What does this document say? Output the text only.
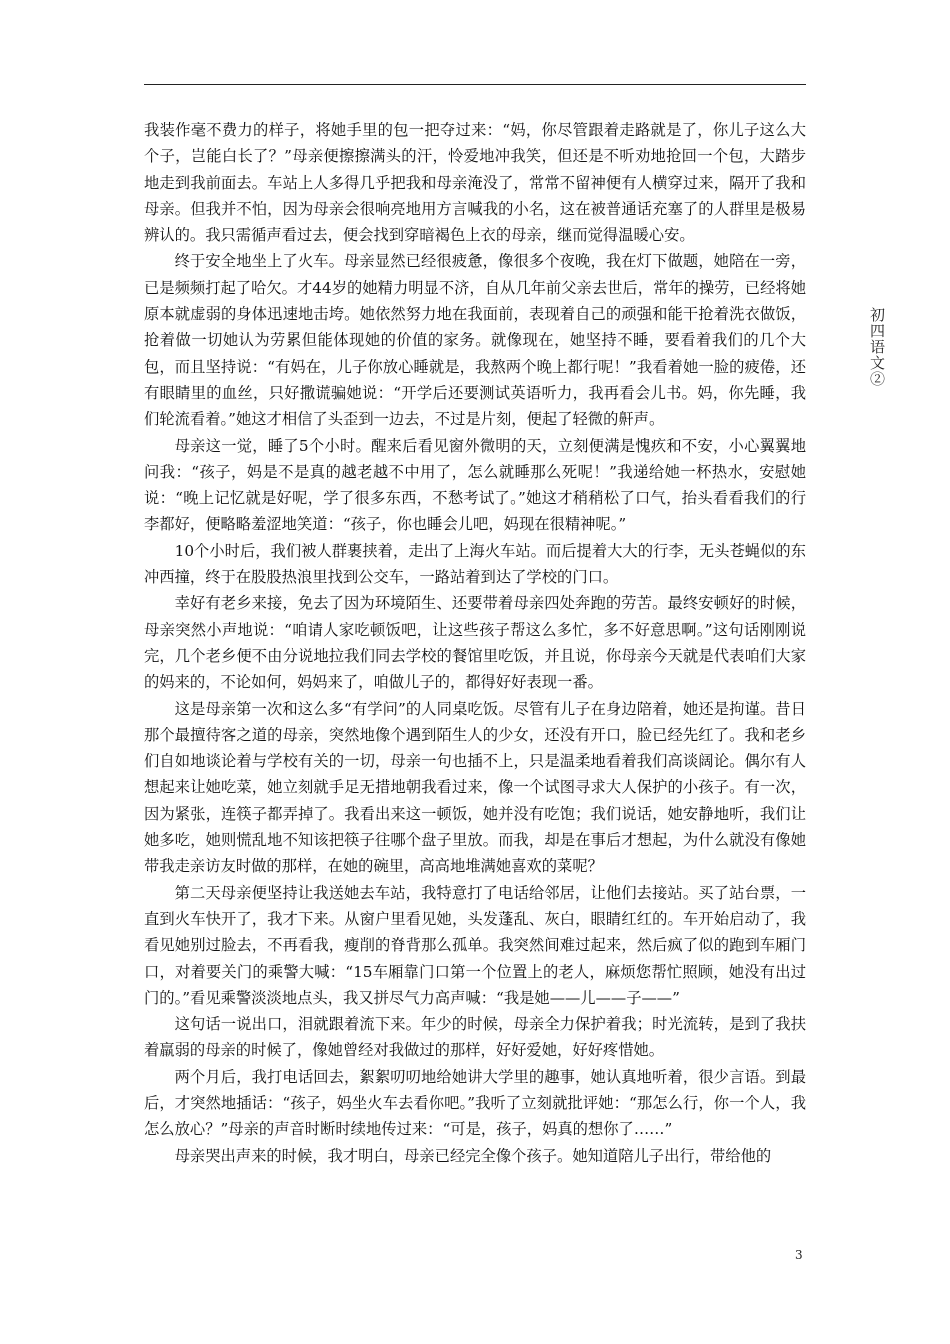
我装作毫不费力的样子，将她手里的包一把夺过来：“妈，你尽管跟着走路就是了，你儿子这么大个子，岂能白长了？”母亲便擦擦满头的汗，怜爱地冲我笑，但还是不听劝地抢回一个包，大踏步地走到我前面去。车站上人多得几乎把我和母亲淹没了，常常不留神便有人横穿过来，隔开了我和母亲。但我并不怕，因为母亲会很响亮地用方言喊我的小名，这在被普通话充塞了的人群里是极易辨认的。我只需循声看过去，便会找到穿暗褐色上衣的母亲，继而觉得温暖心安。

终于安全地坐上了火车。母亲显然已经很疲惫，像很多个夜晚，我在灯下做题，她陪在一旁，已是频频打起了哈欠。才44岁的她精力明显不济，自从几年前父亲去世后，常年的操劳，已经将她原本就虚弱的身体迅速地击垮。她依然努力地在我面前，表现着自己的顽强和能干抢着洗衣做饭，抢着做一切她认为劳累但能体现她的价值的家务。就像现在，她坚持不睡，要看着我们的几个大包，而且坚持说：“有妈在，儿子你放心睡就是，我熬两个晚上都行呢！”我看着她一脸的疲倦，还有眼睛里的血丝，只好撒谎骗她说：“开学后还要测试英语听力，我再看会儿书。妈，你先睡，我们轮流看着。”她这才相信了头歪到一边去，不过是片刻，便起了轻微的鼾声。

母亲这一觉，睡了5个小时。醒来后看见窗外微明的天，立刻便满是愧疚和不安，小心翼翼地问我：“孩子，妈是不是真的越老越不中用了，怎么就睡那么死呢！”我递给她一杯热水，安慰她说：“晚上记忆就是好呢，学了很多东西，不愁考试了。”她这才稍稍松了口气，抬头看看我们的行李都好，便略略羞涩地笑道：“孩子，你也睡会儿吧，妈现在很精神呢。”

10个小时后，我们被人群裹挟着，走出了上海火车站。而后提着大大的行李，无头苍蝇似的东冲西撞，终于在股股热浪里找到公交车，一路站着到达了学校的门口。

幸好有老乡来接，免去了因为环境陌生、还要带着母亲四处奔跑的劳苦。最终安顿好的时候，母亲突然小声地说：“咱请人家吃顿饭吧，让这些孩子帮这么多忙，多不好意思啊。”这句话刚刚说完，几个老乡便不由分说地拉我们同去学校的餐馆里吃饭，并且说，你母亲今天就是代表咱们大家的妈来的，不论如何，妈妈来了，咱做儿子的，都得好好表现一番。

这是母亲第一次和这么多“有学问”的人同桌吃饭。尽管有儿子在身边陪着，她还是拘谨。昔日那个最擅待客之道的母亲，突然地像个遇到陌生人的少女，还没有开口，脸已经先红了。我和老乡们自如地谈论着与学校有关的一切，母亲一句也插不上，只是温柔地看着我们高谈阔论。偶尔有人想起来让她吃菜，她立刻就手足无措地朝我看过来，像一个试图寻求大人保护的小孩子。有一次，因为紧张，连筷子都弄掉了。我看出来这一顿饭，她并没有吃饱；我们说话，她安静地听，我们让她多吃，她则慌乱地不知该把筷子往哪个盘子里放。而我，却是在事后才想起，为什么就没有像她带我走亲访友时做的那样，在她的碗里，高高地堆满她喜欢的菜呢？

第二天母亲便坚持让我送她去车站，我特意打了电话给邻居，让他们去接站。买了站台票，一直到火车快开了，我才下来。从窗户里看见她，头发蓬乱、灰白，眼睛红红的。车开始启动了，我看见她别过脸去，不再看我，瘦削的脊背那么孤单。我突然间难过起来，然后疯了似的跑到车厢门口，对着要关门的乘警大喊：“15车厢靠门口第一个位置上的老人，麻烦您帮忙照顾，她没有出过门的。”看见乘警淡淡地点头，我又拼尽气力高声喊：“我是她——儿——子——”

这句话一说出口，泪就跟着流下来。年少的时候，母亲全力保护着我；时光流转，是到了我扶着羸弱的母亲的时候了，像她曾经对我做过的那样，好好爱她，好好疼惜她。

两个月后，我打电话回去，絮絮叨叨地给她讲大学里的趣事，她认真地听着，很少言语。到最后，才突然地插话：“孩子，妈坐火车去看你吧。”我听了立刻就批评她：“那怎么行，你一个人，我怎么放心？”母亲的声音时断时续地传过来：“可是，孩子，妈真的想你了……”

母亲哭出声来的时候，我才明白，母亲已经完全像个孩子。她知道陪儿子出行，带给他的

初四语文②
3
